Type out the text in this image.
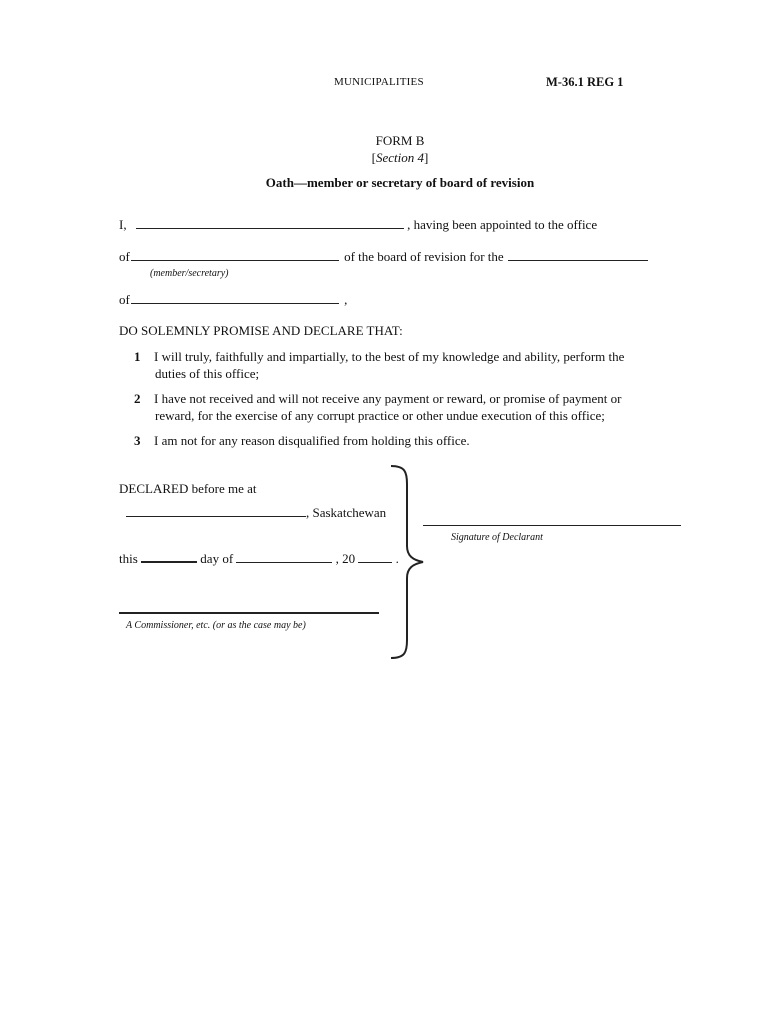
MUNICIPALITIES	M-36.1 REG 1
FORM B
[Section 4]
Oath—member or secretary of board of revision
I,	, having been appointed to the office
of	of the board of revision for the
(member/secretary)
of	,
DO SOLEMNLY PROMISE AND DECLARE THAT:
1 I will truly, faithfully and impartially, to the best of my knowledge and ability, perform the
duties of this office;
2 I have not received and will not receive any payment or reward, or promise of payment or
reward, for the exercise of any corrupt practice or other undue execution of this office;
3 I am not for any reason disqualified from holding this office.
DECLARED before me at
, Saskatchewan
this	day of	, 20	.
A Commissioner, etc. (or as the case may be)
Signature of Declarant
